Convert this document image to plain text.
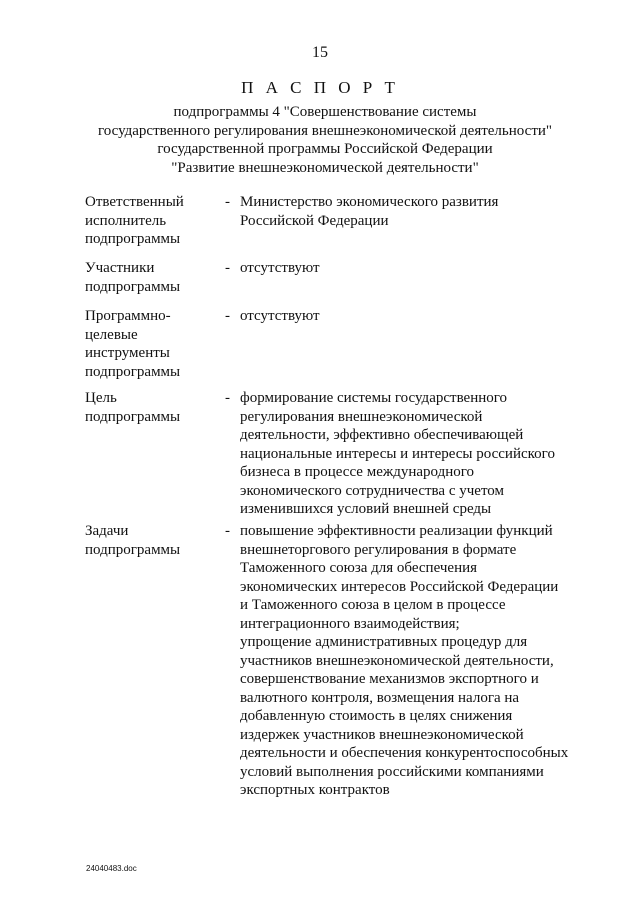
15
П А С П О Р Т
подпрограммы 4 "Совершенствование системы
государственного регулирования внешнеэкономической деятельности"
государственной программы Российской Федерации
"Развитие внешнеэкономической деятельности"
Ответственный
исполнитель
подпрограммы
- Министерство экономического развития
Российской Федерации
Участники
подпрограммы
- отсутствуют
Программно-
целевые
инструменты
подпрограммы
- отсутствуют
Цель
подпрограммы
- формирование системы государственного
регулирования внешнеэкономической
деятельности, эффективно обеспечивающей
национальные интересы и интересы российского
бизнеса в процессе международного
экономического сотрудничества с учетом
изменившихся условий внешней среды
Задачи
подпрограммы
- повышение эффективности реализации функций
внешнеторгового регулирования в формате
Таможенного союза для обеспечения
экономических интересов Российской Федерации
и Таможенного союза в целом в процессе
интеграционного взаимодействия;
упрощение административных процедур для
участников внешнеэкономической деятельности,
совершенствование механизмов экспортного и
валютного контроля, возмещения налога на
добавленную стоимость в целях снижения
издержек участников внешнеэкономической
деятельности и обеспечения конкурентоспособных
условий выполнения российскими компаниями
экспортных контрактов
24040483.doc
